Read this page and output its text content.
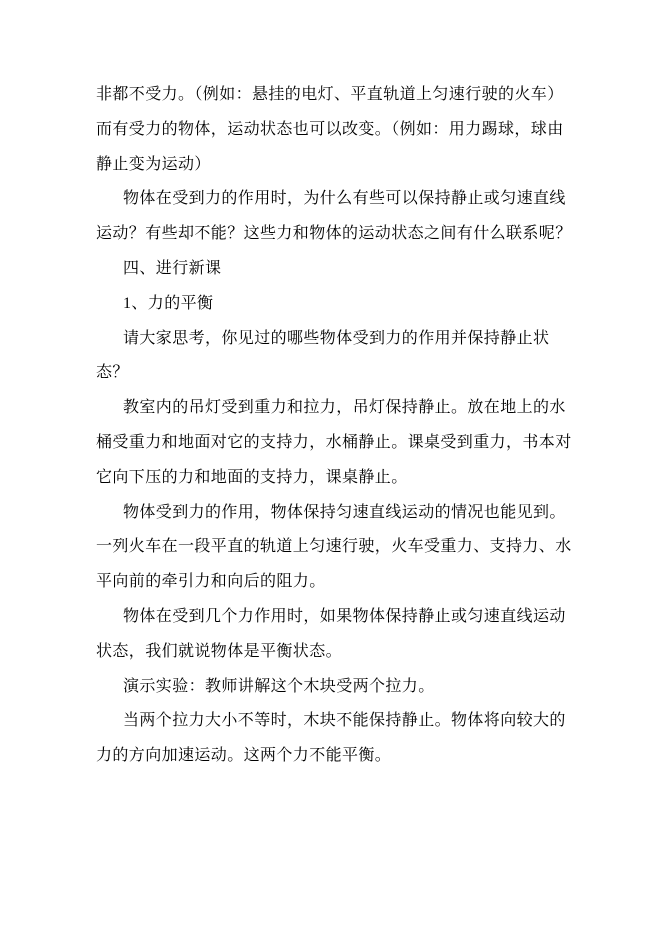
非都不受力。（例如：悬挂的电灯、平直轨道上匀速行驶的火车）
而有受力的物体，运动状态也可以改变。（例如：用力踢球，球由
静止变为运动）
物体在受到力的作用时，为什么有些可以保持静止或匀速直线
运动？有些却不能？这些力和物体的运动状态之间有什么联系呢？
四、进行新课
1、力的平衡
请大家思考，你见过的哪些物体受到力的作用并保持静止状
态？
教室内的吊灯受到重力和拉力，吊灯保持静止。放在地上的水
桶受重力和地面对它的支持力，水桶静止。课桌受到重力，书本对
它向下压的力和地面的支持力，课桌静止。
物体受到力的作用，物体保持匀速直线运动的情况也能见到。
一列火车在一段平直的轨道上匀速行驶，火车受重力、支持力、水
平向前的牵引力和向后的阻力。
物体在受到几个力作用时，如果物体保持静止或匀速直线运动
状态，我们就说物体是平衡状态。
演示实验：教师讲解这个木块受两个拉力。
当两个拉力大小不等时，木块不能保持静止。物体将向较大的
力的方向加速运动。这两个力不能平衡。
